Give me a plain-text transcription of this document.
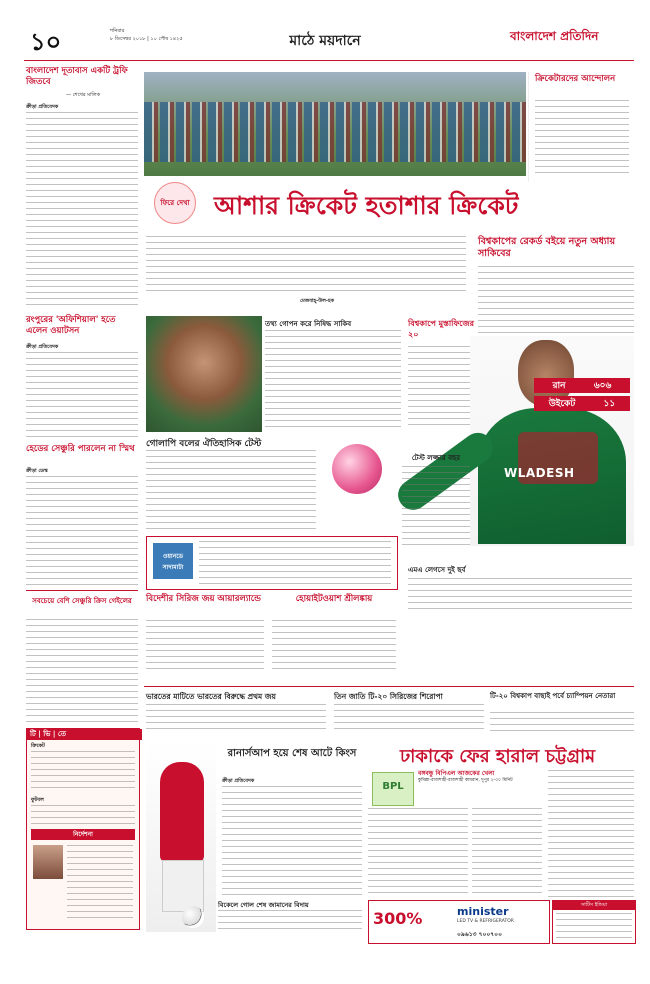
১০	শনিবার
৮ ডিসেম্বর ২০১৮ | ১০ পৌষ ১৪২৫	মাঠে ময়দানে	বাংলাদেশ প্রতিদিন
বাংলাদেশ দূতাবাস একটি ট্রফি জিতবে
— শেখের মালিক
ক্রীড়া প্রতিবেদক
রংপুরের 'অফিশিয়াল' হতে এলেন ওয়াটসন
ক্রীড়া প্রতিবেদক
হেডের সেঞ্চুরি পারলেন না স্মিথ
ক্রীড়া ডেস্ক
সবচেয়ে বেশি সেঞ্চুরি ক্রিস গেইলের
টি | ভি | তে
ক্রিকেট
ফুটবল
নির্দেশনা
ক্রিকেটারদের আন্দোলন
ফিরে দেখা আশার ক্রিকেট হতাশার ক্রিকেট
মেজবাহ্-উল-হক
বিশ্বকাপের রেকর্ড বইয়ে নতুন অধ্যায় সাকিবের
তথ্য গোপন করে নিষিদ্ধ সাকিব	বিশ্বকাপে মুস্তাফিজের ২০
WLADESH
রান	৬০৬
উইকেট	১১
গোলাপি বলের ঐতিহাসিক টেস্ট
টেস্ট লজ্জার বছর
ওয়ানডে
সাদামাটা
বিদেশীর সিরিজ জয় আয়ারল্যান্ডে	হোয়াইটওয়াশ শ্রীলঙ্কায়
এমএ লেগসে দুই ছর্ব
ভারতের মাটিতে ভারতের বিরুদ্ধে প্রথম জয়	তিন জাতি টি-২০ সিরিজের শিরোপা	টি-২০ বিশ্বকাপ বাছাই পর্বে চ্যাম্পিয়ন নেতারা
রানার্সআপ হয়ে শেষ আটে কিংস
ক্রীড়া প্রতিবেদক
বিকেলে গোল শেষ জামানের বিদায়
ঢাকাকে ফের হারাল চট্টগ্রাম
বঙ্গবন্ধু বিপিএল আজকের খেলা
কুমিল্লা-রাজশাহী-রাজশাহী কামরান, দুপুর ২-০০ মিনিট
BPL
300%	minister
LED TV & REFRIGERATOR
০৯৬১৩ ৭০০৭০০
সাটিস ইন্ডিয়া
